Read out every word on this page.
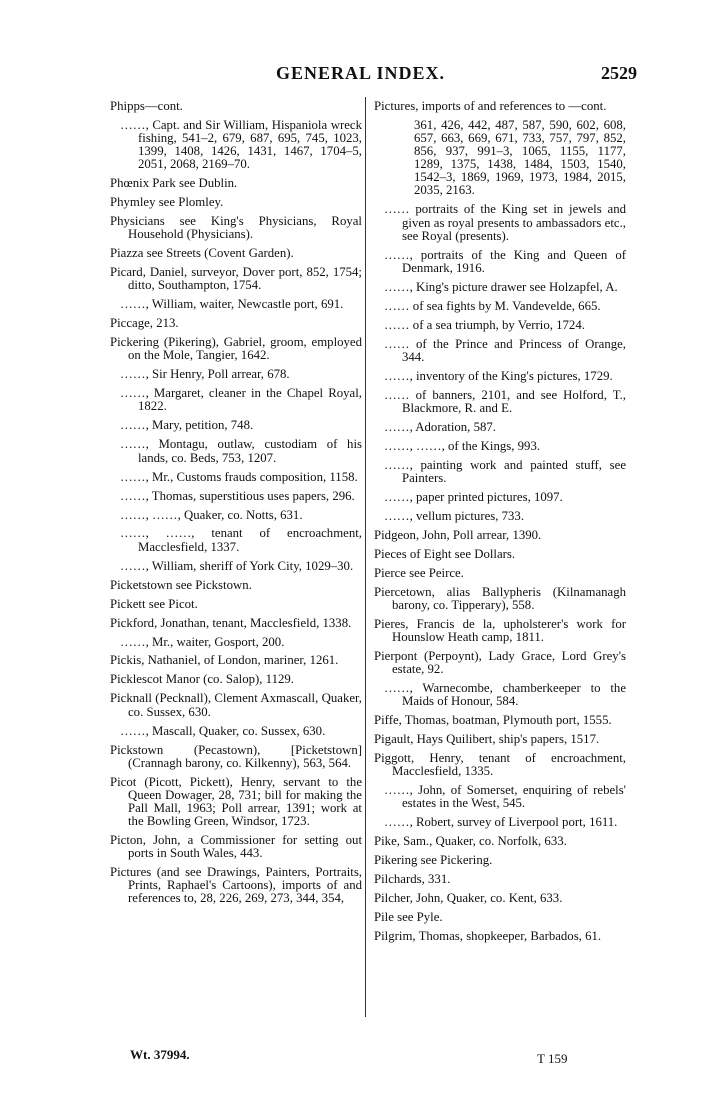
GENERAL INDEX.	2529
Phipps—cont.
……, Capt. and Sir William, Hispaniola wreck fishing, 541–2, 679, 687, 695, 745, 1023, 1399, 1408, 1426, 1431, 1467, 1704–5, 2051, 2068, 2169–70.
Phœnix Park see Dublin.
Phymley see Plomley.
Physicians see King's Physicians, Royal Household (Physicians).
Piazza see Streets (Covent Garden).
Picard, Daniel, surveyor, Dover port, 852, 1754; ditto, Southampton, 1754.
……, William, waiter, Newcastle port, 691.
Piccage, 213.
Pickering (Pikering), Gabriel, groom, employed on the Mole, Tangier, 1642.
……, Sir Henry, Poll arrear, 678.
……, Margaret, cleaner in the Chapel Royal, 1822.
……, Mary, petition, 748.
……, Montagu, outlaw, custodiam of his lands, co. Beds, 753, 1207.
……, Mr., Customs frauds composition, 1158.
……, Thomas, superstitious uses papers, 296.
……, ……, Quaker, co. Notts, 631.
……, ……, tenant of encroachment, Macclesfield, 1337.
……, William, sheriff of York City, 1029–30.
Picketstown see Pickstown.
Pickett see Picot.
Pickford, Jonathan, tenant, Macclesfield, 1338.
……, Mr., waiter, Gosport, 200.
Pickis, Nathaniel, of London, mariner, 1261.
Picklescot Manor (co. Salop), 1129.
Picknall (Pecknall), Clement Axmascall, Quaker, co. Sussex, 630.
……, Mascall, Quaker, co. Sussex, 630.
Pickstown (Pecastown), [Picketstown] (Crannagh barony, co. Kilkenny), 563, 564.
Picot (Picott, Pickett), Henry, servant to the Queen Dowager, 28, 731; bill for making the Pall Mall, 1963; Poll arrear, 1391; work at the Bowling Green, Windsor, 1723.
Picton, John, a Commissioner for setting out ports in South Wales, 443.
Pictures (and see Drawings, Painters, Portraits, Prints, Raphael's Cartoons), imports of and references to, 28, 226, 269, 273, 344, 354,
Pictures, imports of and references to —cont.
361, 426, 442, 487, 587, 590, 602, 608, 657, 663, 669, 671, 733, 757, 797, 852, 856, 937, 991–3, 1065, 1155, 1177, 1289, 1375, 1438, 1484, 1503, 1540, 1542–3, 1869, 1969, 1973, 1984, 2015, 2035, 2163.
…… portraits of the King set in jewels and given as royal presents to ambassadors etc., see Royal (presents).
……, portraits of the King and Queen of Denmark, 1916.
……, King's picture drawer see Holzapfel, A.
…… of sea fights by M. Vandevelde, 665.
…… of a sea triumph, by Verrio, 1724.
…… of the Prince and Princess of Orange, 344.
……, inventory of the King's pictures, 1729.
…… of banners, 2101, and see Holford, T., Blackmore, R. and E.
……, Adoration, 587.
……, ……, of the Kings, 993.
……, painting work and painted stuff, see Painters.
……, paper printed pictures, 1097.
……, vellum pictures, 733.
Pidgeon, John, Poll arrear, 1390.
Pieces of Eight see Dollars.
Pierce see Peirce.
Piercetown, alias Ballypheris (Kilnamanagh barony, co. Tipperary), 558.
Pieres, Francis de la, upholsterer's work for Hounslow Heath camp, 1811.
Pierpont (Perpoynt), Lady Grace, Lord Grey's estate, 92.
……, Warnecombe, chamberkeeper to the Maids of Honour, 584.
Piffe, Thomas, boatman, Plymouth port, 1555.
Pigault, Hays Quilibert, ship's papers, 1517.
Piggott, Henry, tenant of encroachment, Macclesfield, 1335.
……, John, of Somerset, enquiring of rebels' estates in the West, 545.
……, Robert, survey of Liverpool port, 1611.
Pike, Sam., Quaker, co. Norfolk, 633.
Pikering see Pickering.
Pilchards, 331.
Pilcher, John, Quaker, co. Kent, 633.
Pile see Pyle.
Pilgrim, Thomas, shopkeeper, Barbados, 61.
Wt. 37994.	T 159
